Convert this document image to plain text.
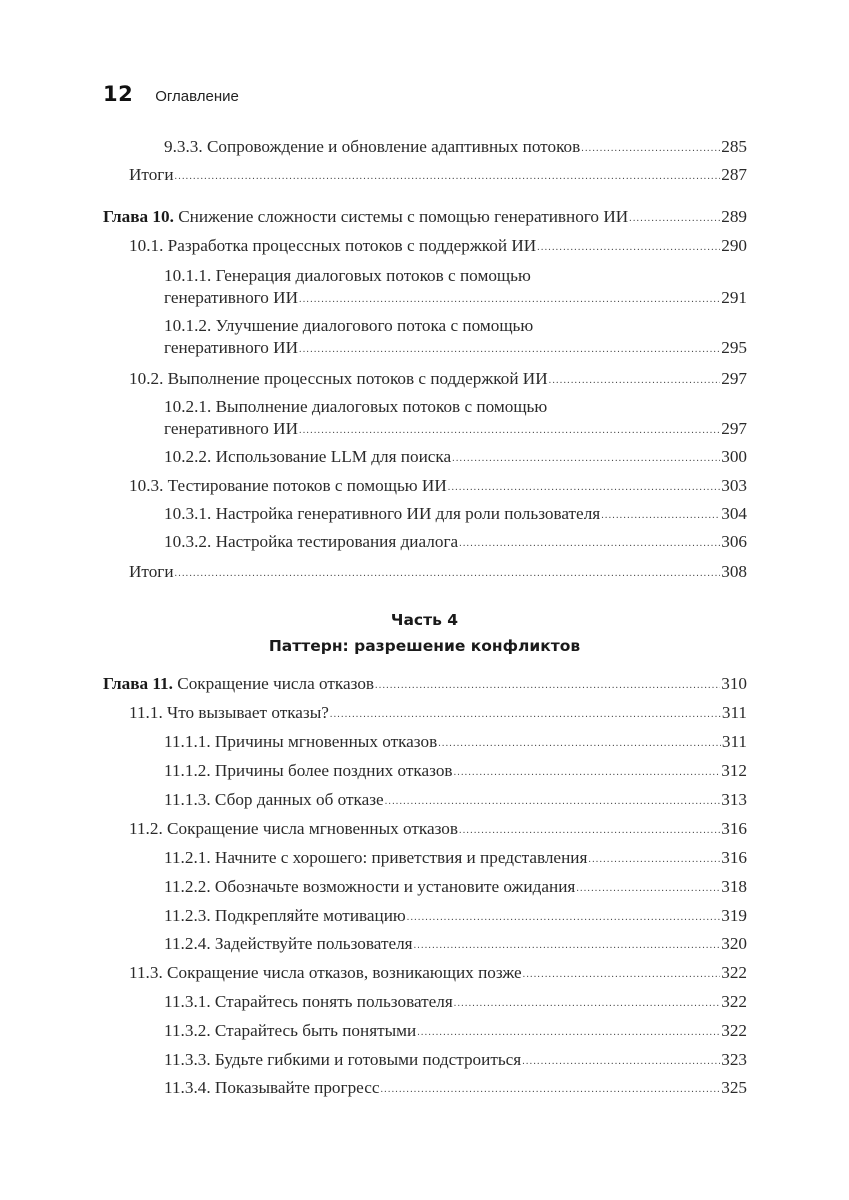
12 Оглавление
9.3.3. Сопровождение и обновление адаптивных потоков .....	285
Итоги .....	287
Глава 10. Снижение сложности системы с помощью генеративного ИИ .....	289
10.1. Разработка процессных потоков с поддержкой ИИ .....	290
10.1.1. Генерация диалоговых потоков с помощью
генеративного ИИ .....	291
10.1.2. Улучшение диалогового потока с помощью
генеративного ИИ .....	295
10.2. Выполнение процессных потоков с поддержкой ИИ .....	297
10.2.1. Выполнение диалоговых потоков с помощью
генеративного ИИ .....	297
10.2.2. Использование LLM для поиска .....	300
10.3. Тестирование потоков с помощью ИИ .....	303
10.3.1. Настройка генеративного ИИ для роли пользователя .....	304
10.3.2. Настройка тестирования диалога .....	306
Итоги .....	308
Часть 4
Паттерн: разрешение конфликтов
Глава 11. Сокращение числа отказов .....	310
11.1. Что вызывает отказы? .....	311
11.1.1. Причины мгновенных отказов .....	311
11.1.2. Причины более поздних отказов .....	312
11.1.3. Сбор данных об отказе .....	313
11.2. Сокращение числа мгновенных отказов .....	316
11.2.1. Начните с хорошего: приветствия и представления .....	316
11.2.2. Обозначьте возможности и установите ожидания .....	318
11.2.3. Подкрепляйте мотивацию .....	319
11.2.4. Задействуйте пользователя .....	320
11.3. Сокращение числа отказов, возникающих позже .....	322
11.3.1. Старайтесь понять пользователя .....	322
11.3.2. Старайтесь быть понятыми .....	322
11.3.3. Будьте гибкими и готовыми подстроиться .....	323
11.3.4. Показывайте прогресс .....	325
